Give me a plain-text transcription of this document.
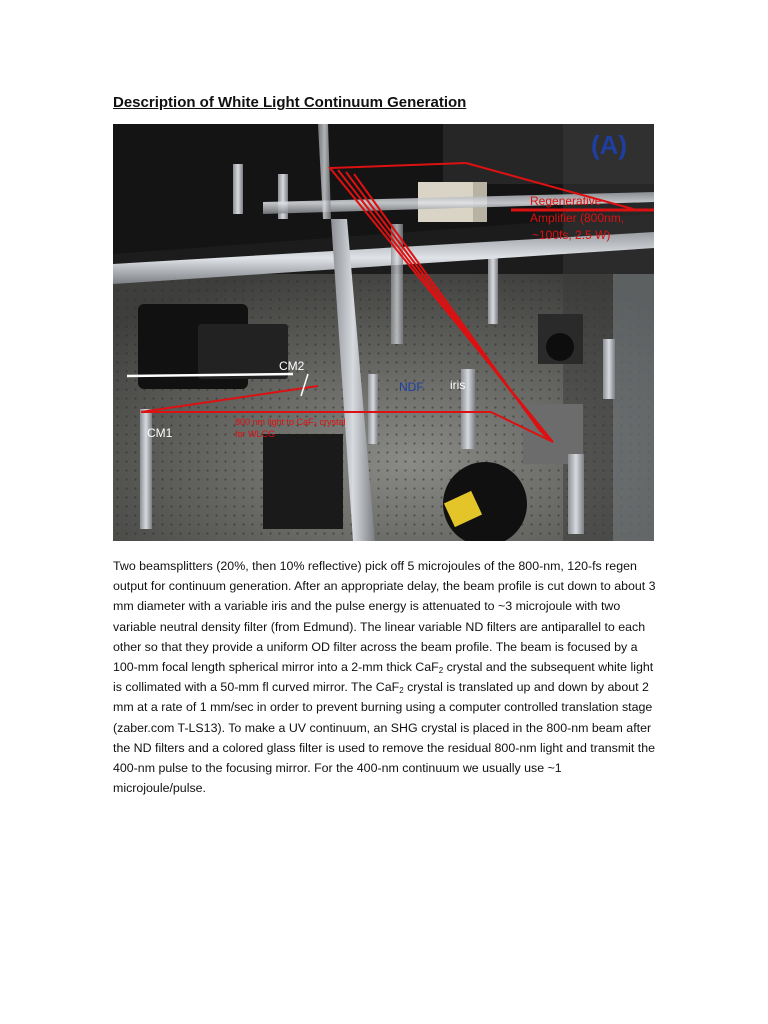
Description of White Light Continuum Generation
(A)
Regenerative
Amplifier (800nm,
~100fs, 2.5 W)
CM2
NDF iris
CM1
800 nm light to CaF₂ crystal
for WLCG

Two beamsplitters (20%, then 10% reflective) pick off 5 microjoules of the 800-nm, 120-fs regen output for continuum generation. After an appropriate delay, the beam profile is cut down to about 3 mm diameter with a variable iris and the pulse energy is attenuated to ~3 microjoule with two variable neutral density filter (from Edmund). The linear variable ND filters are antiparallel to each other so that they provide a uniform OD filter across the beam profile. The beam is focused by a 100-mm focal length spherical mirror into a 2-mm thick CaF$_2$ crystal and the subsequent white light is collimated with a 50-mm fl curved mirror. The CaF$_2$ crystal is translated up and down by about 2 mm at a rate of 1 mm/sec in order to prevent burning using a computer controlled translation stage (zaber.com T-LS13). To make a UV continuum, an SHG crystal is placed in the 800-nm beam after the ND filters and a colored glass filter is used to remove the residual 800-nm light and transmit the 400-nm pulse to the focusing mirror. For the 400-nm continuum we usually use ~1 microjoule/pulse.
